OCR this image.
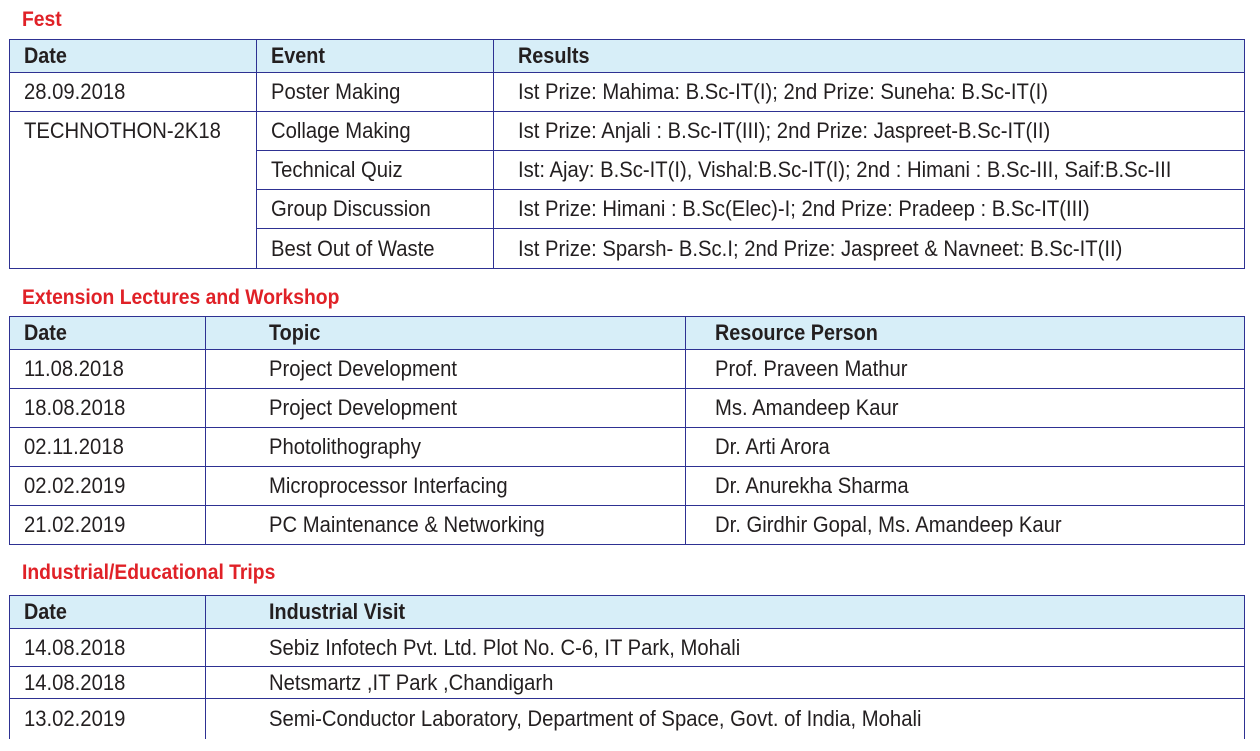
Fest
Date	Event	Results
28.09.2018	Poster Making	Ist Prize: Mahima: B.Sc-IT(I); 2nd Prize: Suneha: B.Sc-IT(I)
TECHNOTHON-2K18	Collage Making	Ist Prize: Anjali : B.Sc-IT(III); 2nd Prize: Jaspreet-B.Sc-IT(II)
	Technical Quiz	Ist: Ajay: B.Sc-IT(I), Vishal:B.Sc-IT(I); 2nd : Himani : B.Sc-III, Saif:B.Sc-III
	Group Discussion	Ist Prize: Himani : B.Sc(Elec)-I; 2nd Prize: Pradeep : B.Sc-IT(III)
	Best Out of Waste	Ist Prize: Sparsh- B.Sc.I; 2nd Prize: Jaspreet & Navneet: B.Sc-IT(II)
Extension Lectures and Workshop
Date	Topic	Resource Person
11.08.2018	Project Development	Prof. Praveen Mathur
18.08.2018	Project Development	Ms. Amandeep Kaur
02.11.2018	Photolithography	Dr. Arti Arora
02.02.2019	Microprocessor Interfacing	Dr. Anurekha Sharma
21.02.2019	PC Maintenance & Networking	Dr. Girdhir Gopal, Ms. Amandeep Kaur
Industrial/Educational Trips
Date	Industrial Visit
14.08.2018	Sebiz Infotech Pvt. Ltd. Plot No. C-6, IT Park, Mohali
14.08.2018	Netsmartz ,IT Park ,Chandigarh
13.02.2019	Semi-Conductor Laboratory, Department of Space, Govt. of India, Mohali
